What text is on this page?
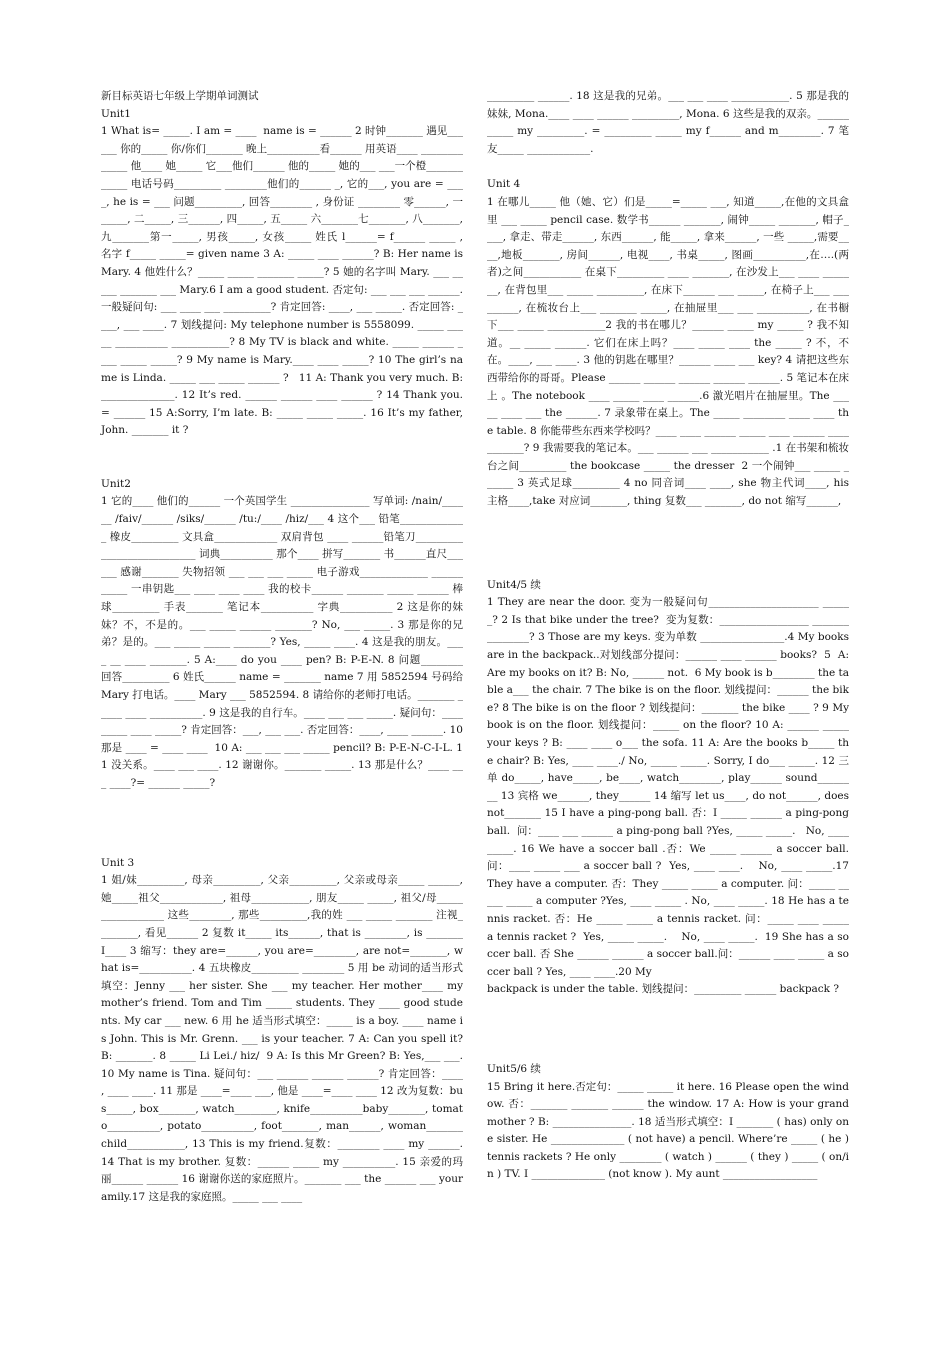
新目标英语七年级上学期单词测试

Unit1

1 What is= _____. I am = ____  name is = ______ 2 时钟_______ 遇见___ ___ 你的_____ 你/你们_______ 晚上__________看______ 用英语____ _____________ 他____ 她_____ 它___他们______ 他的_____ 她的___ ___一个橙____________ 电话号码_________ ________他们的______ _, 它的___, you are = ____, he is = ___ 问题_________, 回答________ , 身份证 ________ 零______, 一_____, 二_____, 三______, 四_____, 五_____ 六_______七_______, 八_______, 九_______第一_____, 男孩_____, 女孩_____ 姓氏 l______= f______ _____ , 名字 f_____ _____= given name 3 A: _____ ____ ______? B: Her name is Mary. 4 他姓什么？_____ _____ _______ _____? 5 她的名字叫 Mary. ___ _____ _______ ___ Mary.6 I am a good student. 否定句: ___ ___ ___ ______. 一般疑问句: ___ ____ ___ _________? 肯定回答: ____, ___ _____. 否定回答: ____, ___ ____. 7 划线提问: My telephone number is 5558099. _____ _____ __________ ___________? 8 My TV is black and white. _____ ______ ____ _____ _____? 9 My name is Mary.____ ____ _____? 10 The girl’s name is Linda. _____ ___ _____ ______ ?   11 A: Thank you very much. B: ______________. 12 It’s red. ______ ______ ____ ______ ? 14 Thank you. = ______ 15 A:Sorry, I’m late. B: _____ _____ _____. 16 It’s my father, John. _______ it ?

Unit2

1 它的____ 他们的______ 一个英国学生 _______________ 写单词: /nain/______ /faiv/______ /siks/______ /tu:/____ /hiz/___ 4 这个___ 铅笔_____________ 橡皮_________ 文具盒____________ 双肩背包 ____ ______铅笔刀_________ __________________ 词典__________ 那个____ 拼写_______ 书______直尺______ 感谢_______ 失物招领 ___ ___ ___ _____ 电子游戏_____________ ___________ 一串钥匙___ ____ ____ ____ 我的校卡______ _______ _____ ______ 棒球_________ 手表_______ 笔记本__________ 字典__________ 2 这是你的妹妹？不，不是的。___ _____ ______ _______? No, ___ _____. 3 那是你的兄弟？是的。___ _____ _____ _______? Yes, _____ ____. 4 这是我的朋友。____ __ ____ _______. 5 A:____ do you ____ pen? B: P-E-N. 8 问题________ 回答_________ 6 姓氏______ name = _______ name 7 用 5852594 号码给 Mary 打电话。____ Mary ___ 5852594. 8 请给你的老师打电话。_______ _____ ____ __________. 9 这是我的自行车。____ ___ ___ _____. 疑问句：____ _____ ____ _____? 肯定回答：___, ___ ___. 否定回答：____, ____ ______. 10 那是 ____ = ____ ____  10 A: ___ ___ ___ _____ pencil? B: P-E-N-C-I-L. 11 没关系。____ ___ ____. 12 谢谢你。_______ _____. 13 那是什么？____ ___ ____?= ______ _____?

Unit 3

1 姐/妹_________, 母亲_________, 父亲_________, 父亲或母亲_____ ______, 她_____祖父____________, 祖母___________, 朋友_____ _____, 祖父/母_________________ 这些________, 那些_________,我的姓 ___ _____ _______ 注视________, 看见______ 2 复数 it_____ its______, that is ________, is _______ I____ 3 缩写：they are=______, you are=________, are not=_______, what is=__________. 4 五块橡皮_________ ________ 5 用 be 动词的适当形式填空：Jenny ___ her sister. She ___ my teacher. Her mother____ my mother’s friend. Tom and Tim _____ students. They ____ good students. My car ___ new. 6 用 he 适当形式填空：_____ is a boy. ____ name is John. This is Mr. Grenn. ___ is your teacher. 7 A: Can you spell it? B: _______. 8 _____ Li Lei./ hiz/  9 A: Is this Mr Green? B: Yes,___ ___. 10 My name is Tina. 疑问句：___ ______ ______ ______? 肯定回答：____ , ____ ____. 11 那是 ____=____ ___, 他是 ____=____ ____ 12 改为复数：bus_____, box_______, watch________, knife__________baby_______, tomato__________, potato__________, foot_______, man______, woman_______child___________, 13 This is my friend.复数：________ ____ my ______. 14 That is my brother. 复数：______ _____ my __________. 15 亲爱的玛丽______ ______ 16 谢谢你送的家庭照片。_______ ___ the ______ ___ your amily.17 这是我的家庭照。_____ ___ ____

_________ ______. 18 这是我的兄弟。___ ___ ____ ___________. 5 那是我的妹妹, Mona.____ ____ ______ _________, Mona. 6 这些是我的双亲。______ _____ my _________. = _________ _____ my f______ and m________. 7 笔友_____ ____________.

Unit 4

1 在哪儿_____ 他（她、它）们是_____=_____ ___, 知道_____,在他的文具盒里 ___ _____ pencil case. 数学书______ _______, 闹钟_____ _______, 帽子____, 拿走、带走______, 东西______, 能_____, 拿来______, 一些 _____,需要____,地板_______, 房间______, 电视____, 书桌_____, 图画__________,在….(两者)之间___________ 在桌下_________ ____ _______, 在沙发上___ ____ _______, 在背包里___ _____ _________, 在床下______ ___ _____, 在椅子上___ ___ ______, 在梳妆台上___ _______ _____, 在抽屉里___ ___ __________, 在书橱下___ _____ ___________2 我的书在哪儿？______ _____ my _____ ? 我不知道。__ _____ ______. 它们在床上吗？____ _____ ____ the _____ ? 不，不在。____, ___ ____. 3 他的钥匙在哪里？______ ____ ___ key? 4 请把这些东西带给你的哥哥。Please ______ ______ ______ ______ ______. 5 笔记本在床上 。The notebook ____ _____ ____ ______.6 激光唱片在抽屉里。The _____ ____ ___ the ______. 7 录象带在桌上。The _____ ________ ____ ____ the table. 8 你能带些东西来学校吗？____ ____ ______ _____ ____ ______ ____ _______? 9 我需要我的笔记本。___ ______ ___ ___________ .1 在书架和梳妆台之间_________ the bookcase _____ the dresser  2 一个闹钟___ _____ ______ 3 英式足球_________ 4 no 同音词____ ____, she 物主代词____, his 主格____,take 对应词_______, thing 复数___ _______, do not 缩写______,

Unit4/5 续

1 They are near the door. 变为一般疑问句_____________________ ______? 2 Is that bike under the tree?  变为复数：_________________ _______________? 3 Those are my keys. 变为单数 ________________.4 My books are in the backpack..对划线部分提问：______ ____ ______ books?  5  A: Are my books on it? B: No, ______ not.  6 My book is b________ the table a___ the chair. 7 The bike is on the floor. 划线提问：______ the bike? 8 The bike is on the floor ? 划线提问：_______ the bike ____ ? 9 My book is on the floor. 划线提问：_____ on the floor? 10 A: ______ _____ your keys ? B: ____ ____ o___ the sofa. 11 A: Are the books b_____ the chair? B: Yes, ____ ____./ No, _____ _____. Sorry, I do___ _____. 12 三单 do_____, have_____, be____, watch________, play______ sound________ 13 宾格 we______, they______ 14 缩写 let us____, do not______, does not_______ 15 I have a ping-pong ball. 否：I _____ ______ a ping-pong ball.  问：____ ___ ______ a ping-pong ball ?Yes, _____ _____.   No, ____ _____. 16 We have a soccer ball .否：We _____ ______ a soccer ball. 问：____ _____ ___ a soccer ball ?  Yes, ____ ____.    No, ____ _____.17 They have a computer. 否：They _____ _____ a computer. 问：_____ _____ _____ a computer ?Yes, ____ _____ . No, ____ _____. 18 He has a tennis racket. 否：He _____ _____ a tennis racket. 问：_____ ____ _____ a tennis racket ?  Yes, _____ _____.    No, ____ _____.  19 She has a soccer ball. 否 She ______ ______ a soccer ball.问：______ ____ _____ a soccer ball ? Yes, ____ ____.20 My

backpack is under the table. 划线提问：_________ ______ backpack ?

Unit5/6 续

15 Bring it here.否定句：_____ _____ it here. 16 Please open the window. 否：_______ _______ ______ the window. 17 A: How is your grandmother ? B: _______________. 18 适当形式填空：I _______ ( has) only one sister. He ______________ ( not have) a pencil. Where’re _____ ( he ) tennis rackets ? He only ________ ( watch ) ______ ( they ) _____ ( on/in ) TV. I ______________ (not know ). My aunt __________________
